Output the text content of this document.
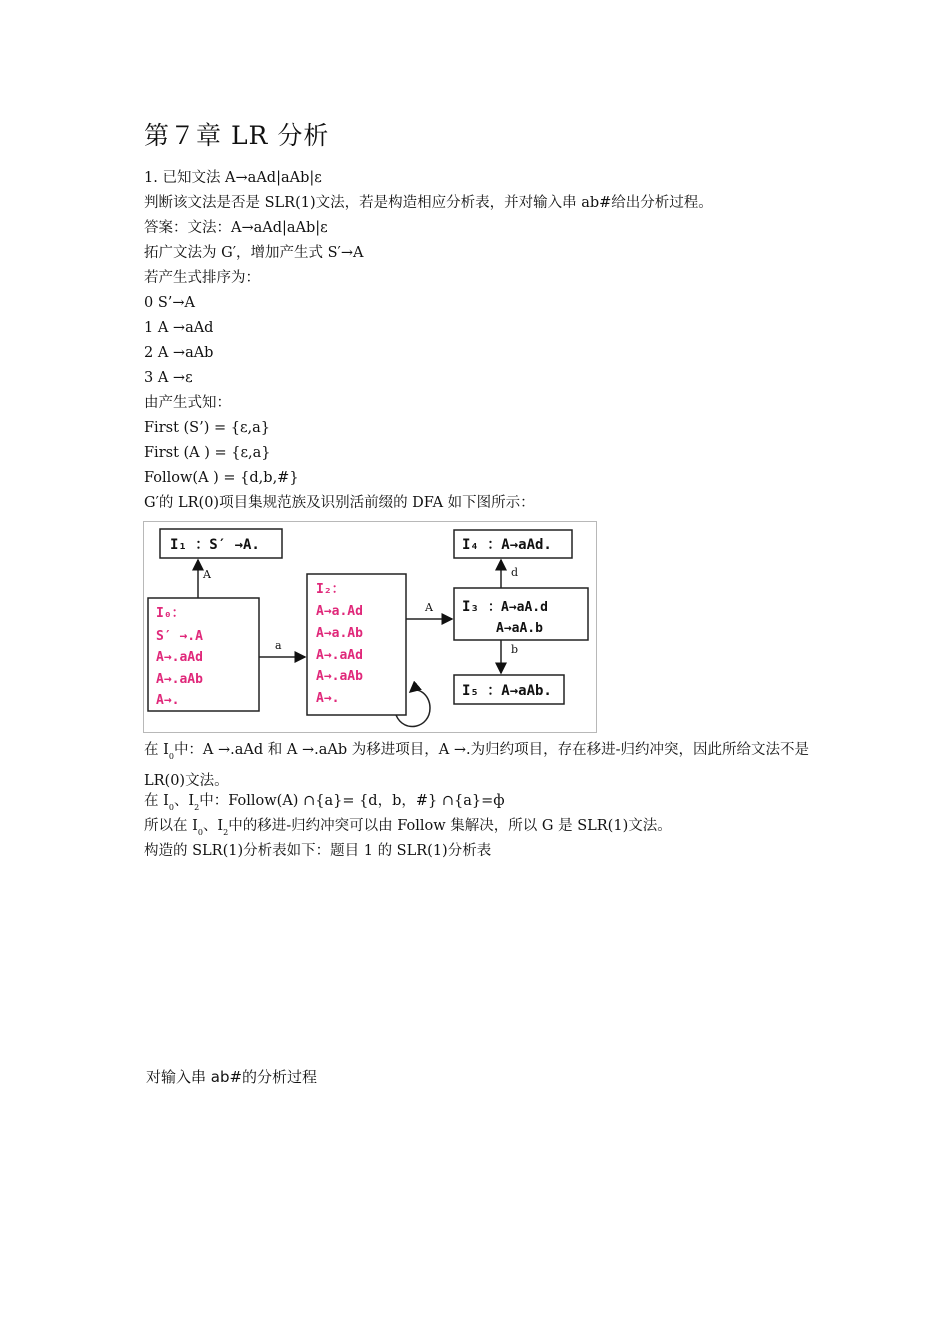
第７章 LR 分析
1. 已知文法 A→aAd|aAb|ε
判断该文法是否是 SLR(1)文法，若是构造相应分析表，并对输入串 ab#给出分析过程。
答案：文法：A→aAd|aAb|ε
拓广文法为 G′，增加产生式 S′→A
若产生式排序为：
0 S’→A
1 A →aAd
2 A →aAb
3 A →ε
由产生式知：
First (S’) = {ε,a}
First (A ) = {ε,a}
Follow(A ) = {d,b,#}
G′的 LR(0)项目集规范族及识别活前缀的 DFA 如下图所示：
I₁ ：S′ →A.
I₀：
S′ →.A
A→.aAd
A→.aAb
A→.
A
I₂：
A→a.Ad
A→a.Ab
A→.aAd
A→.aAb
A→.
a
a
A I₃ ：A→aA.d
A→aA.b
I₄ ：A→aAd.
d
I₅ ：A→aAb.
b
在 $I_0$中：A →.aAd 和 A →.aAb 为移进项目，A →.为归约项目，存在移进-归约冲突，因此所给文法不是 LR(0)文法。
在 $I_0$、$I_2$中：Follow(A) ∩{a}= {d，b，#} ∩{a}=ф
所以在 $I_0$、$I_2$中的移进-归约冲突可以由 Follow 集解决，所以 G 是 SLR(1)文法。
构造的 SLR(1)分析表如下：题目 1 的 SLR(1)分析表
对输入串 ab#的分析过程
